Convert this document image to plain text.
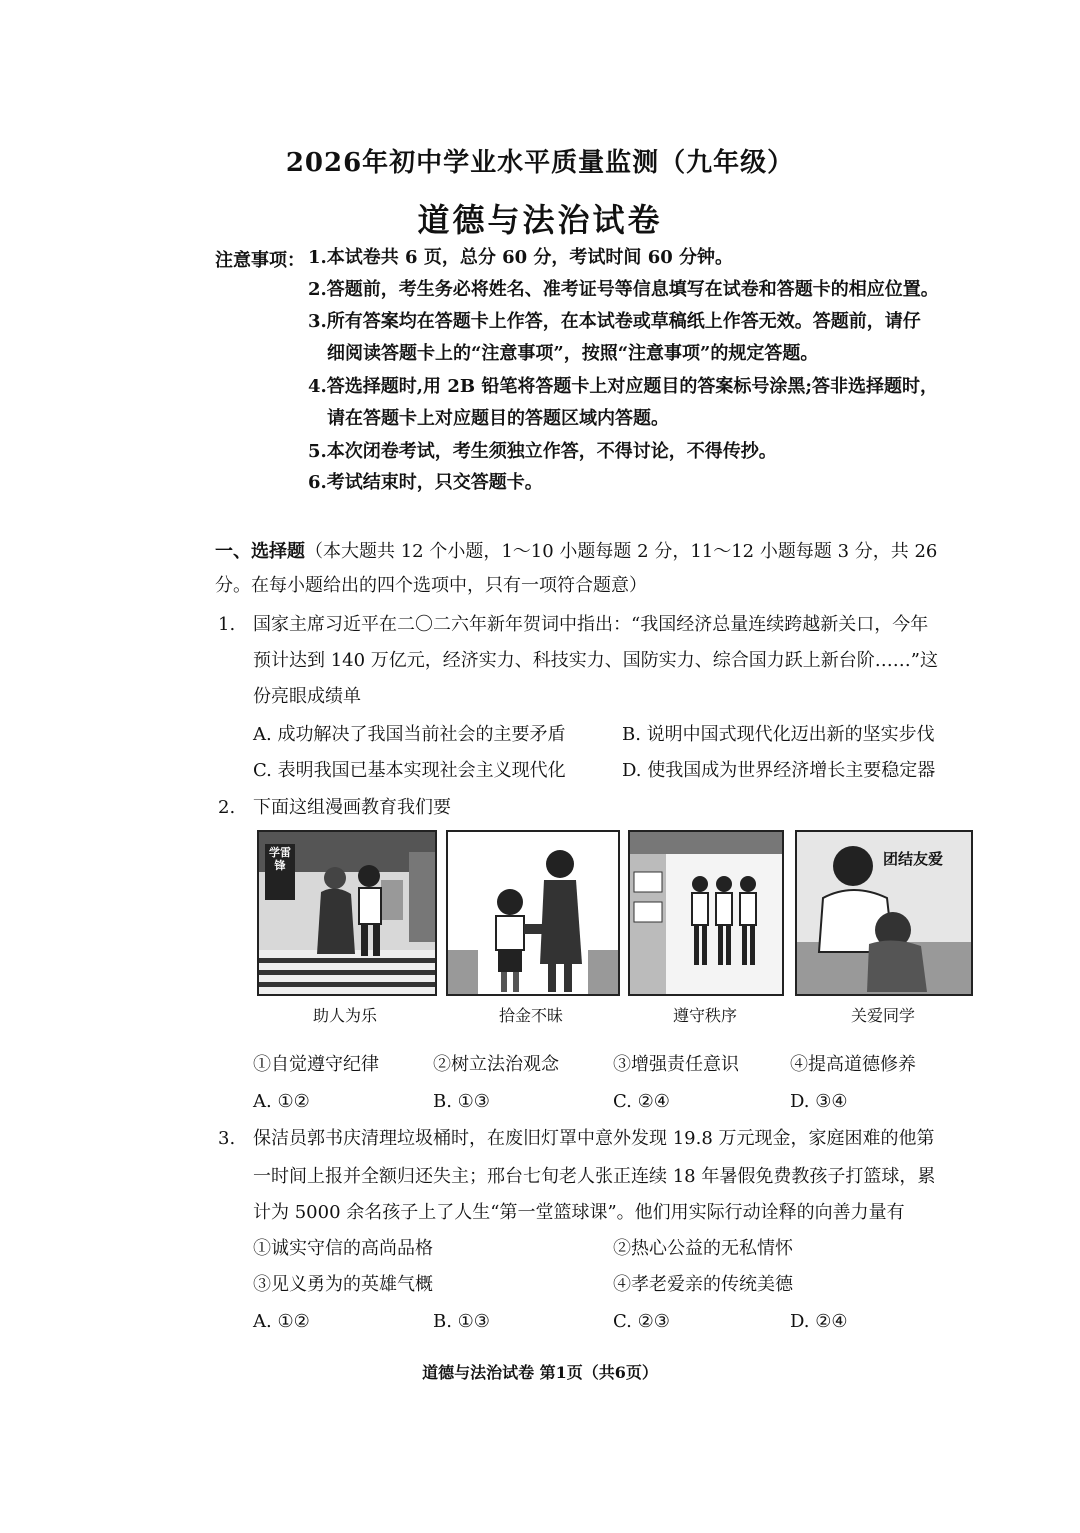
2026年初中学业水平质量监测（九年级）
道德与法治试卷
注意事项： 1.本试卷共 6 页，总分 60 分，考试时间 60 分钟。
2.答题前，考生务必将姓名、准考证号等信息填写在试卷和答题卡的相应位置。
3.所有答案均在答题卡上作答，在本试卷或草稿纸上作答无效。答题前，请仔
细阅读答题卡上的“注意事项”，按照“注意事项”的规定答题。
4.答选择题时,用 2B 铅笔将答题卡上对应题目的答案标号涂黑;答非选择题时，
请在答题卡上对应题目的答题区域内答题。
5.本次闭卷考试，考生须独立作答，不得讨论，不得传抄。
6.考试结束时，只交答题卡。
一、选择题（本大题共 12 个小题，1～10 小题每题 2 分，11～12 小题每题 3 分，共 26
分。在每小题给出的四个选项中，只有一项符合题意）
1. 国家主席习近平在二〇二六年新年贺词中指出：“我国经济总量连续跨越新关口，今年
预计达到 140 万亿元，经济实力、科技实力、国防实力、综合国力跃上新台阶……”这
份亮眼成绩单
A. 成功解决了我国当前社会的主要矛盾	B. 说明中国式现代化迈出新的坚实步伐
C. 表明我国已基本实现社会主义现代化	D. 使我国成为世界经济增长主要稳定器
2. 下面这组漫画教育我们要
学雷锋	团结友爱
助人为乐	拾金不昧	遵守秩序	关爱同学
①自觉遵守纪律	②树立法治观念	③增强责任意识	④提高道德修养
A. ①②	B. ①③	C. ②④	D. ③④
3. 保洁员郭书庆清理垃圾桶时，在废旧灯罩中意外发现 19.8 万元现金，家庭困难的他第
一时间上报并全额归还失主；邢台七旬老人张正连续 18 年暑假免费教孩子打篮球，累
计为 5000 余名孩子上了人生“第一堂篮球课”。他们用实际行动诠释的向善力量有
①诚实守信的高尚品格	②热心公益的无私情怀
③见义勇为的英雄气概	④孝老爱亲的传统美德
A. ①②	B. ①③	C. ②③	D. ②④
道德与法治试卷 第1页（共6页）
